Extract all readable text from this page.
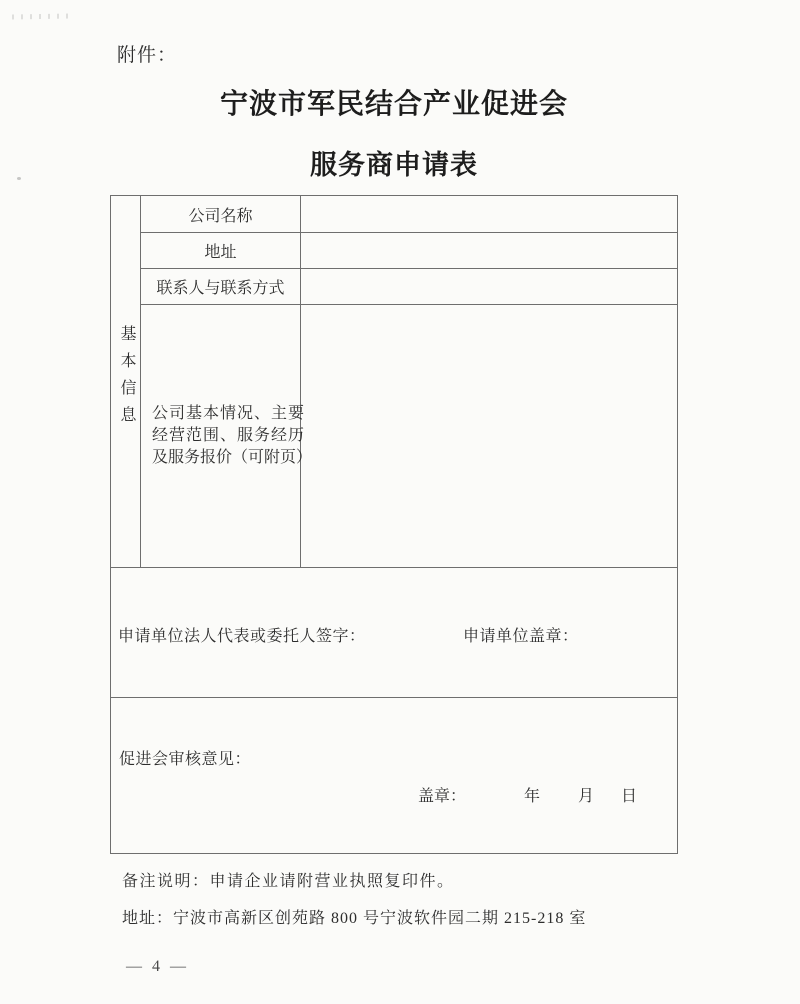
附件：
宁波市军民结合产业促进会
服务商申请表
基本信息	公司名称	
	地址	
	联系人与联系方式	

	公司基本情况、主要经营范围、服务经历及服务报价（可附页）	

申请单位法人代表或委托人签字： 申请单位盖章：		

促进会审核意见：
盖章： 年 月 日		
备注说明：申请企业请附营业执照复印件。
地址：宁波市高新区创苑路 800 号宁波软件园二期 215-218 室
— 4 —
